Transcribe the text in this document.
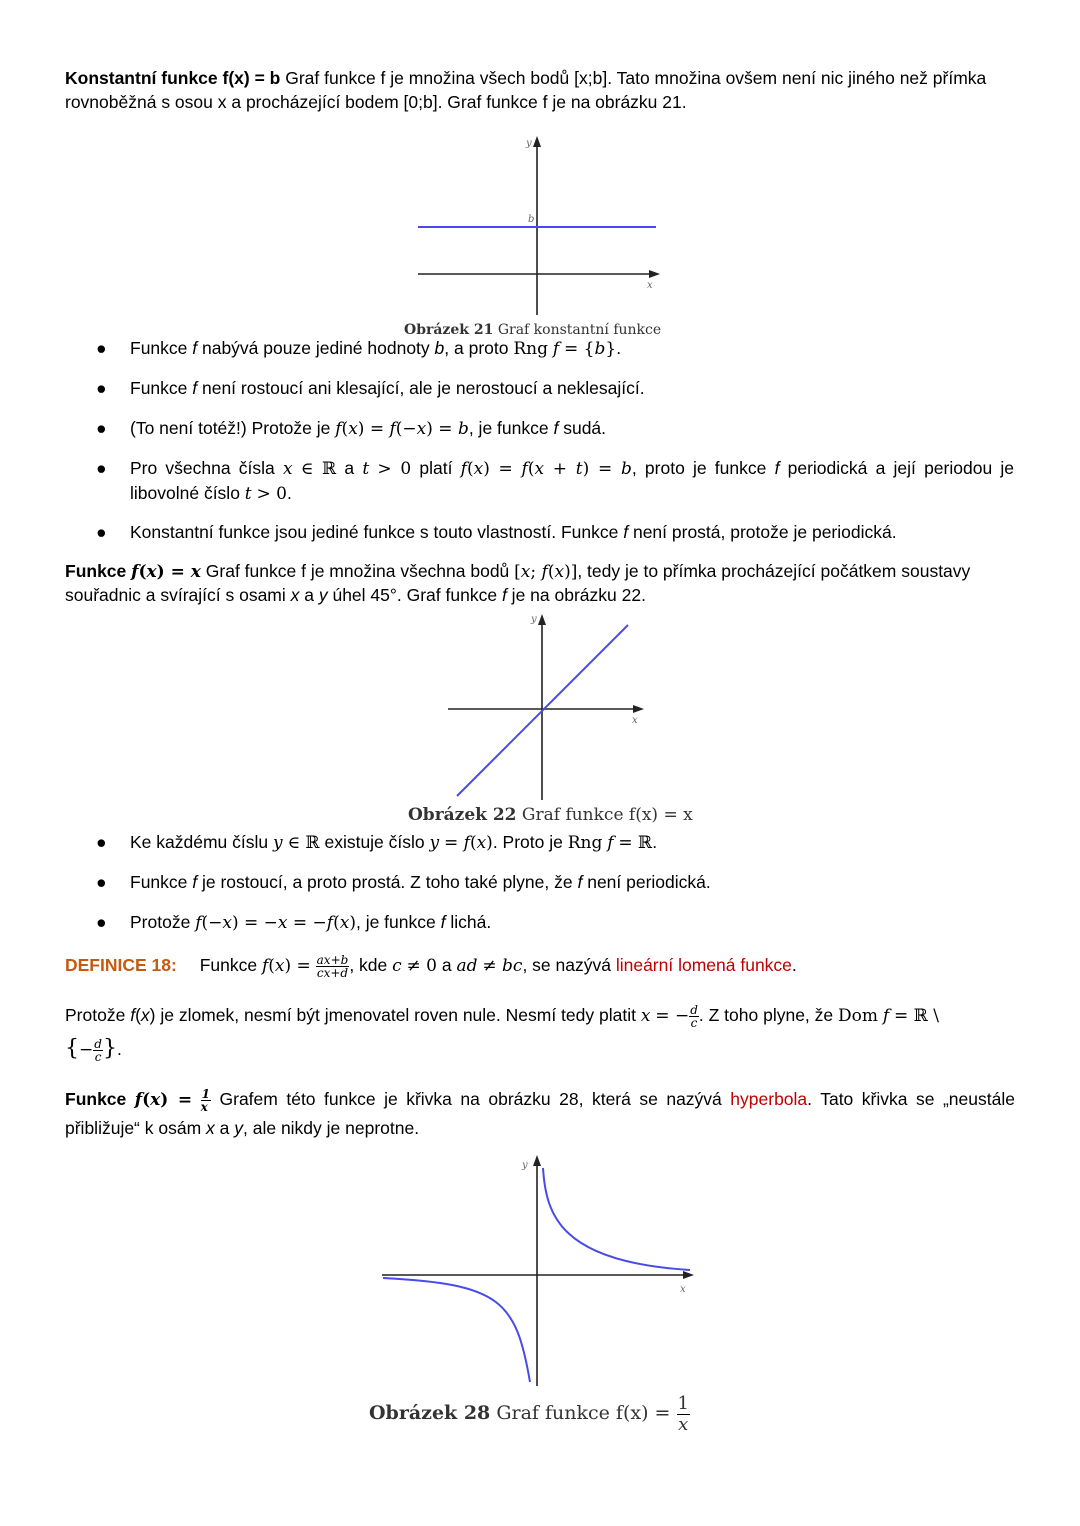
Konstantní funkce f(x) = b Graf funkce f je množina všech bodů [x;b]. Tato množina ovšem není nic jiného než přímka
rovnoběžná s osou x a procházející bodem [0;b]. Graf funkce f je na obrázku 21.
y
b
x
Obrázek 21 Graf konstantní funkce
● Funkce f nabývá pouze jediné hodnoty b, a proto Rng f = {b}.
● Funkce f není rostoucí ani klesající, ale je nerostoucí a neklesající.
● (To není totéž!) Protože je f(x) = f(−x) = b, je funkce f sudá.
● Pro všechna čísla x ∈ ℝ a t > 0 platí f(x) = f(x + t) = b, proto je funkce f periodická a její periodou je
libovolné číslo t > 0.
● Konstantní funkce jsou jediné funkce s touto vlastností. Funkce f není prostá, protože je periodická.
Funkce f(x) = x Graf funkce f je množina všechna bodů [x; f(x)], tedy je to přímka procházející počátkem soustavy
souřadnic a svírající s osami x a y úhel 45°. Graf funkce f je na obrázku 22.
y
x
Obrázek 22 Graf funkce f(x) = x
● Ke každému číslu y ∈ ℝ existuje číslo y = f(x). Proto je Rng f = ℝ.
● Funkce f je rostoucí, a proto prostá. Z toho také plyne, že f není periodická.
● Protože f(−x) = −x = −f(x), je funkce f lichá.
DEFINICE 18: Funkce $f(x) = \frac{ax+b}{cx+d}$ , kde c ≠ 0 a ad ≠ bc, se nazývá lineární lomená funkce.
Protože f(x) je zlomek, nesmí být jmenovatel roven nule. Nesmí tedy platit x = − $\frac{d}{c}$ . Z toho plyne, že Dom f = ℝ \
{− $\frac{d}{c}$ }.
Funkce $f(x) = \frac{1}{x}$ Grafem této funkce je křivka na obrázku 28, která se nazývá hyperbola. Tato křivka se „neustále
přibližuje“ k osám x a y, ale nikdy je neprotne.
y
x
Obrázek 28 Graf funkce $f(x) = \frac{1}{x}$
